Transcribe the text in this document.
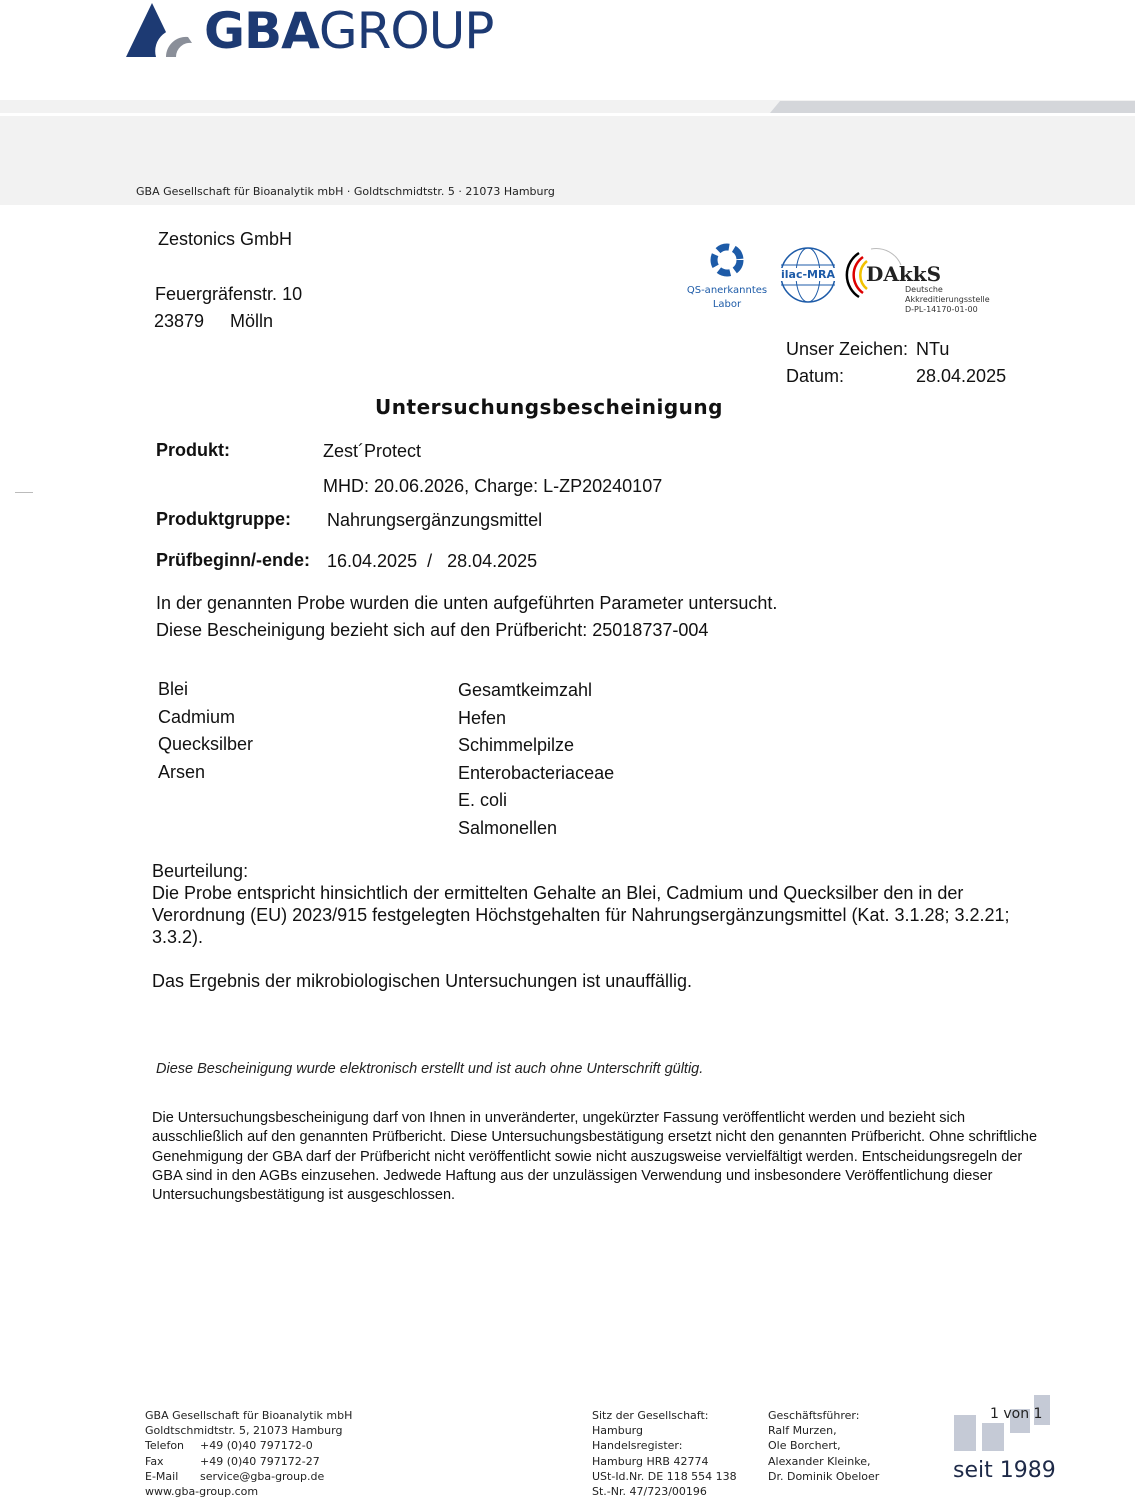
GBAGROUP
GBA Gesellschaft für Bioanalytik mbH · Goldtschmidtstr. 5 · 21073 Hamburg
Zestonics GmbH
Feuergräfenstr. 10
23879 Mölln
QS-anerkanntes
Labor
ilac-MRA DAkkS
Deutsche
Akkreditierungsstelle
D-PL-14170-01-00
Unser Zeichen: NTu
Datum:	28.04.2025
Untersuchungsbescheinigung
Produkt:	Zest´Protect
MHD: 20.06.2026, Charge: L-ZP20240107
Produktgruppe: Nahrungsergänzungsmittel
Prüfbeginn/-ende: 16.04.2025  /   28.04.2025
In der genannten Probe wurden die unten aufgeführten Parameter untersucht.
Diese Bescheinigung bezieht sich auf den Prüfbericht: 25018737-004
Blei
Cadmium
Quecksilber
Arsen
Gesamtkeimzahl
Hefen
Schimmelpilze
Enterobacteriaceae
E. coli
Salmonellen
Beurteilung:
Die Probe entspricht hinsichtlich der ermittelten Gehalte an Blei, Cadmium und Quecksilber den in der Verordnung (EU) 2023/915 festgelegten Höchstgehalten für Nahrungsergänzungsmittel (Kat. 3.1.28; 3.2.21; 3.3.2).
Das Ergebnis der mikrobiologischen Untersuchungen ist unauffällig.
Diese Bescheinigung wurde elektronisch erstellt und ist auch ohne Unterschrift gültig.
Die Untersuchungsbescheinigung darf von Ihnen in unveränderter, ungekürzter Fassung veröffentlicht werden und bezieht sich ausschließlich auf den genannten Prüfbericht. Diese Untersuchungsbestätigung ersetzt nicht den genannten Prüfbericht. Ohne schriftliche Genehmigung der GBA darf der Prüfbericht nicht veröffentlicht sowie nicht auszugsweise vervielfältigt werden. Entscheidungsregeln der GBA sind in den AGBs einzusehen. Jedwede Haftung aus der unzulässigen Verwendung und insbesondere Veröffentlichung dieser Untersuchungsbestätigung ist ausgeschlossen.
GBA Gesellschaft für Bioanalytik mbH
Goldtschmidtstr. 5, 21073 Hamburg
Telefon	+49 (0)40 797172-0
Fax	+49 (0)40 797172-27
E-Mail	service@gba-group.de
www.gba-group.com
Sitz der Gesellschaft:
Hamburg
Handelsregister:
Hamburg HRB 42774
USt-Id.Nr. DE 118 554 138
St.-Nr. 47/723/00196
Geschäftsführer:
Ralf Murzen,
Ole Borchert,
Alexander Kleinke,
Dr. Dominik Obeloer
1 von 1
seit 1989
